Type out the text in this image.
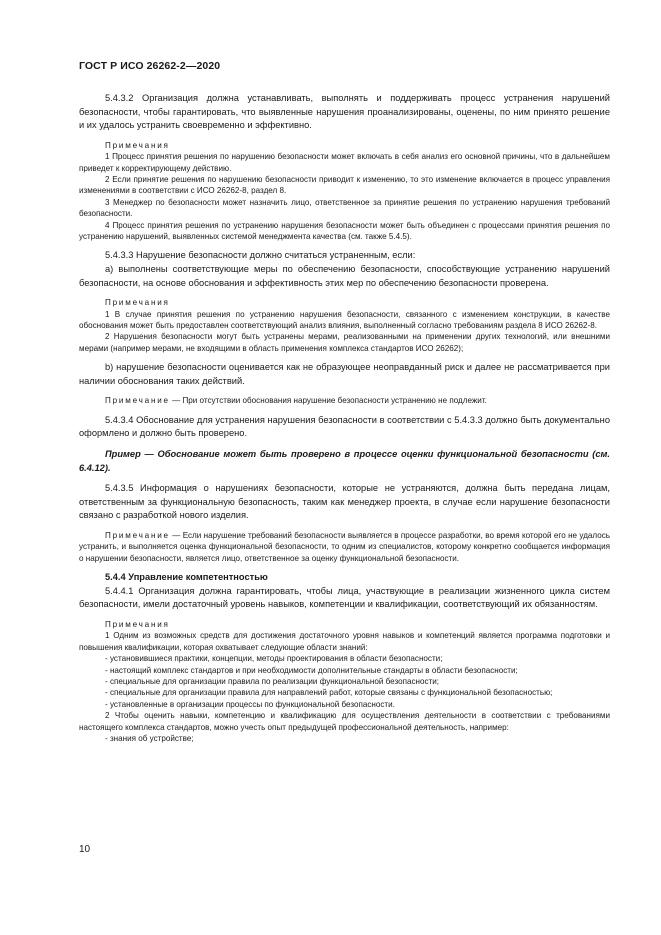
ГОСТ Р ИСО 26262-2—2020

5.4.3.2 Организация должна устанавливать, выполнять и поддерживать процесс устранения нарушений безопасности, чтобы гарантировать, что выявленные нарушения проанализированы, оценены, по ним принято решение и их удалось устранить своевременно и эффективно.

Примечания

1 Процесс принятия решения по нарушению безопасности может включать в себя анализ его основной причины, что в дальнейшем приведет к корректирующему действию.

2 Если принятие решения по нарушению безопасности приводит к изменению, то это изменение включается в процесс управления изменениями в соответствии с ИСО 26262-8, раздел 8.

3 Менеджер по безопасности может назначить лицо, ответственное за принятие решения по устранению нарушения требований безопасности.

4 Процесс принятия решения по устранению нарушения безопасности может быть объединен с процессами принятия решения по устранению нарушений, выявленных системой менеджмента качества (см. также 5.4.5).

5.4.3.3 Нарушение безопасности должно считаться устраненным, если:

а) выполнены соответствующие меры по обеспечению безопасности, способствующие устранению нарушений безопасности, на основе обоснования и эффективность этих мер по обеспечению безопасности проверена.

Примечания

1 В случае принятия решения по устранению нарушения безопасности, связанного с изменением конструкции, в качестве обоснования может быть предоставлен соответствующий анализ влияния, выполненный согласно требованиям раздела 8 ИСО 26262-8.

2 Нарушения безопасности могут быть устранены мерами, реализованными на применении других технологий, или внешними мерами (например мерами, не входящими в область применения комплекса стандартов ИСО 26262);

b) нарушение безопасности оценивается как не образующее неоправданный риск и далее не рассматривается при наличии обоснования таких действий.

Примечание — При отсутствии обоснования нарушение безопасности устранению не подлежит.

5.4.3.4 Обоснование для устранения нарушения безопасности в соответствии с 5.4.3.3 должно быть документально оформлено и должно быть проверено.

Пример — Обоснование может быть проверено в процессе оценки функциональной безопасности (см. 6.4.12).

5.4.3.5 Информация о нарушениях безопасности, которые не устраняются, должна быть передана лицам, ответственным за функциональную безопасность, таким как менеджер проекта, в случае если нарушение безопасности связано с разработкой нового изделия.

Примечание — Если нарушение требований безопасности выявляется в процессе разработки, во время которой его не удалось устранить, и выполняется оценка функциональной безопасности, то одним из специалистов, которому конкретно сообщается информация о нарушении безопасности, является лицо, ответственное за оценку функциональной безопасности.

5.4.4 Управление компетентностью

5.4.4.1 Организация должна гарантировать, чтобы лица, участвующие в реализации жизненного цикла систем безопасности, имели достаточный уровень навыков, компетенции и квалификации, соответствующий их обязанностям.

Примечания

1 Одним из возможных средств для достижения достаточного уровня навыков и компетенций является программа подготовки и повышения квалификации, которая охватывает следующие области знаний:

- установившиеся практики, концепции, методы проектирования в области безопасности;

- настоящий комплекс стандартов и при необходимости дополнительные стандарты в области безопасности;

- специальные для организации правила по реализации функциональной безопасности;

- специальные для организации правила для направлений работ, которые связаны с функциональной безопасностью;

- установленные в организации процессы по функциональной безопасности.

2 Чтобы оценить навыки, компетенцию и квалификацию для осуществления деятельности в соответствии с требованиями настоящего комплекса стандартов, можно учесть опыт предыдущей профессиональной деятельность, например:

- знания об устройстве;

10
